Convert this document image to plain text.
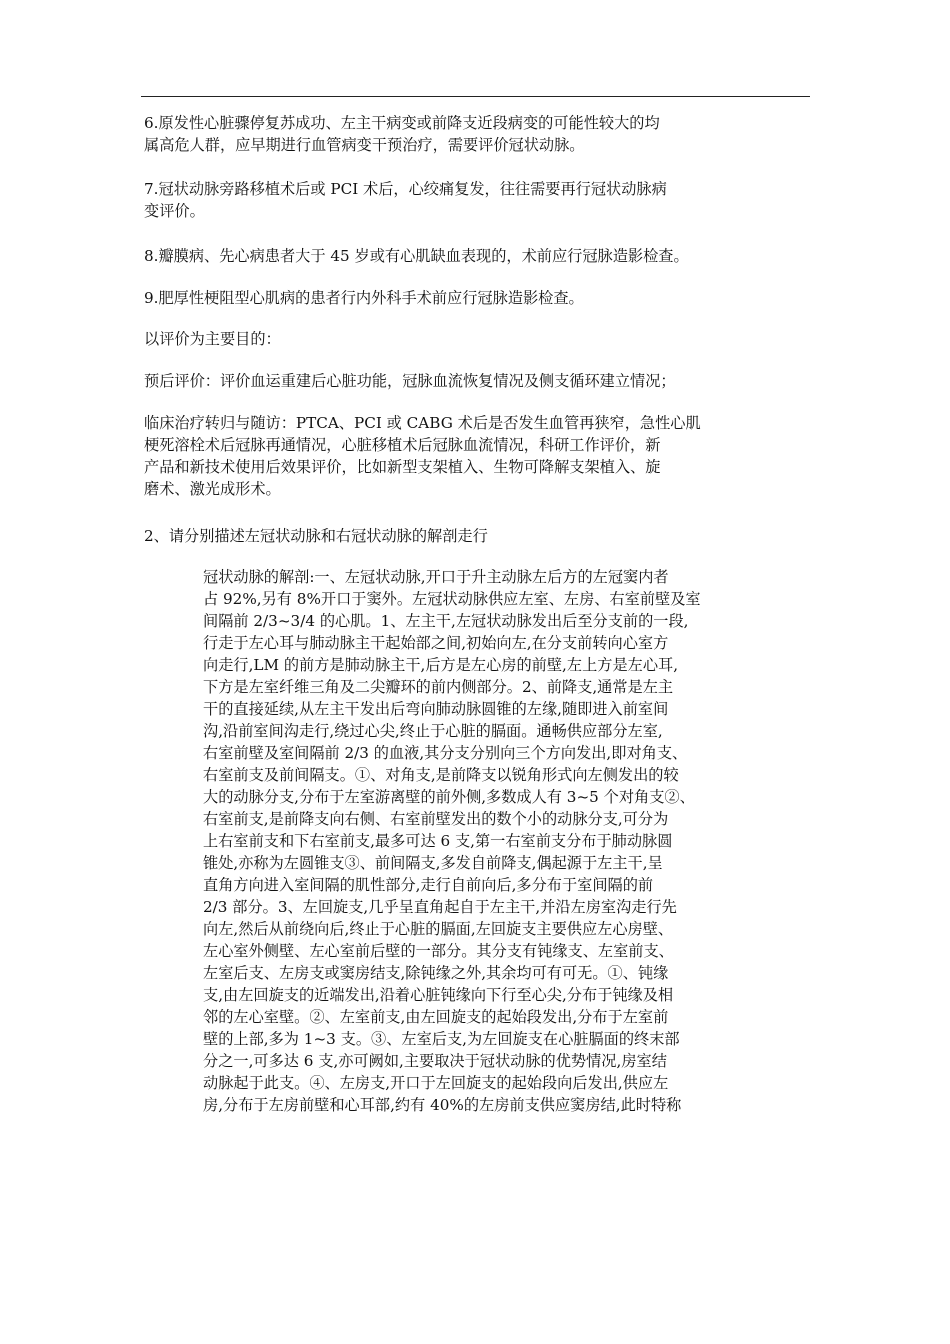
6.原发性心脏骤停复苏成功、左主干病变或前降支近段病变的可能性较大的均
属高危人群，应早期进行血管病变干预治疗，需要评价冠状动脉。
7.冠状动脉旁路移植术后或 PCI 术后，心绞痛复发，往往需要再行冠状动脉病
变评价。
8.瓣膜病、先心病患者大于 45 岁或有心肌缺血表现的，术前应行冠脉造影检查。
9.肥厚性梗阻型心肌病的患者行内外科手术前应行冠脉造影检查。
以评价为主要目的：
预后评价：评价血运重建后心脏功能，冠脉血流恢复情况及侧支循环建立情况；
临床治疗转归与随访：PTCA、PCI 或 CABG 术后是否发生血管再狭窄，急性心肌
梗死溶栓术后冠脉再通情况，心脏移植术后冠脉血流情况，科研工作评价，新
产品和新技术使用后效果评价，比如新型支架植入、生物可降解支架植入、旋
磨术、激光成形术。
2、请分别描述左冠状动脉和右冠状动脉的解剖走行
冠状动脉的解剖:一、左冠状动脉,开口于升主动脉左后方的左冠窦内者
占 92%,另有 8%开口于窦外。左冠状动脉供应左室、左房、右室前壁及室
间隔前 2/3~3/4 的心肌。1、左主干,左冠状动脉发出后至分支前的一段,
行走于左心耳与肺动脉主干起始部之间,初始向左,在分支前转向心室方
向走行,LM 的前方是肺动脉主干,后方是左心房的前壁,左上方是左心耳,
下方是左室纤维三角及二尖瓣环的前内侧部分。2、前降支,通常是左主
干的直接延续,从左主干发出后弯向肺动脉圆锥的左缘,随即进入前室间
沟,沿前室间沟走行,绕过心尖,终止于心脏的膈面。通畅供应部分左室,
右室前壁及室间隔前 2/3 的血液,其分支分别向三个方向发出,即对角支、
右室前支及前间隔支。①、对角支,是前降支以锐角形式向左侧发出的较
大的动脉分支,分布于左室游离壁的前外侧,多数成人有 3~5 个对角支②、
右室前支,是前降支向右侧、右室前壁发出的数个小的动脉分支,可分为
上右室前支和下右室前支,最多可达 6 支,第一右室前支分布于肺动脉圆
锥处,亦称为左圆锥支③、前间隔支,多发自前降支,偶起源于左主干,呈
直角方向进入室间隔的肌性部分,走行自前向后,多分布于室间隔的前
2/3 部分。3、左回旋支,几乎呈直角起自于左主干,并沿左房室沟走行先
向左,然后从前绕向后,终止于心脏的膈面,左回旋支主要供应左心房壁、
左心室外侧壁、左心室前后壁的一部分。其分支有钝缘支、左室前支、
左室后支、左房支或窦房结支,除钝缘之外,其余均可有可无。①、钝缘
支,由左回旋支的近端发出,沿着心脏钝缘向下行至心尖,分布于钝缘及相
邻的左心室壁。②、左室前支,由左回旋支的起始段发出,分布于左室前
壁的上部,多为 1~3 支。③、左室后支,为左回旋支在心脏膈面的终末部
分之一,可多达 6 支,亦可阙如,主要取决于冠状动脉的优势情况,房室结
动脉起于此支。④、左房支,开口于左回旋支的起始段向后发出,供应左
房,分布于左房前壁和心耳部,约有 40%的左房前支供应窦房结,此时特称
